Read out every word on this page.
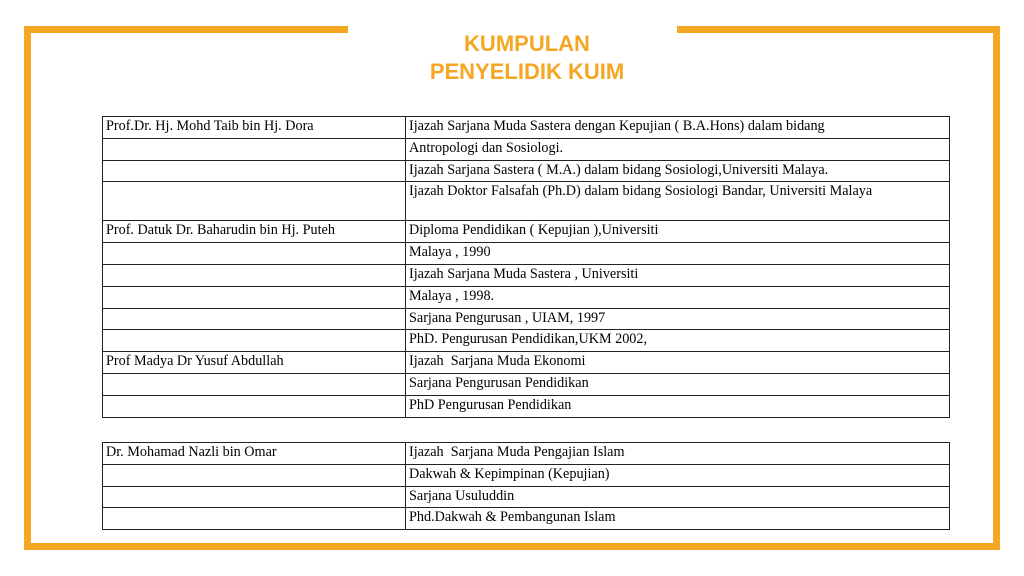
KUMPULAN
PENYELIDIK KUIM
Prof.Dr. Hj. Mohd Taib bin Hj. Dora	Ijazah Sarjana Muda Sastera dengan Kepujian ( B.A.Hons) dalam bidang
	Antropologi dan Sosiologi.
	Ijazah Sarjana Sastera ( M.A.) dalam bidang Sosiologi,Universiti Malaya.
	Ijazah Doktor Falsafah (Ph.D) dalam bidang Sosiologi Bandar, Universiti Malaya
Prof. Datuk Dr. Baharudin bin Hj. Puteh	Diploma Pendidikan ( Kepujian ),Universiti
	Malaya , 1990
	Ijazah Sarjana Muda Sastera , Universiti
	Malaya , 1998.
	Sarjana Pengurusan , UIAM, 1997
	PhD. Pengurusan Pendidikan,UKM 2002,
Prof Madya Dr Yusuf Abdullah	Ijazah  Sarjana Muda Ekonomi
	Sarjana Pengurusan Pendidikan
	PhD Pengurusan Pendidikan
Dr. Mohamad Nazli bin Omar	Ijazah  Sarjana Muda Pengajian Islam
	Dakwah & Kepimpinan (Kepujian)
	Sarjana Usuluddin
	Phd.Dakwah & Pembangunan Islam
